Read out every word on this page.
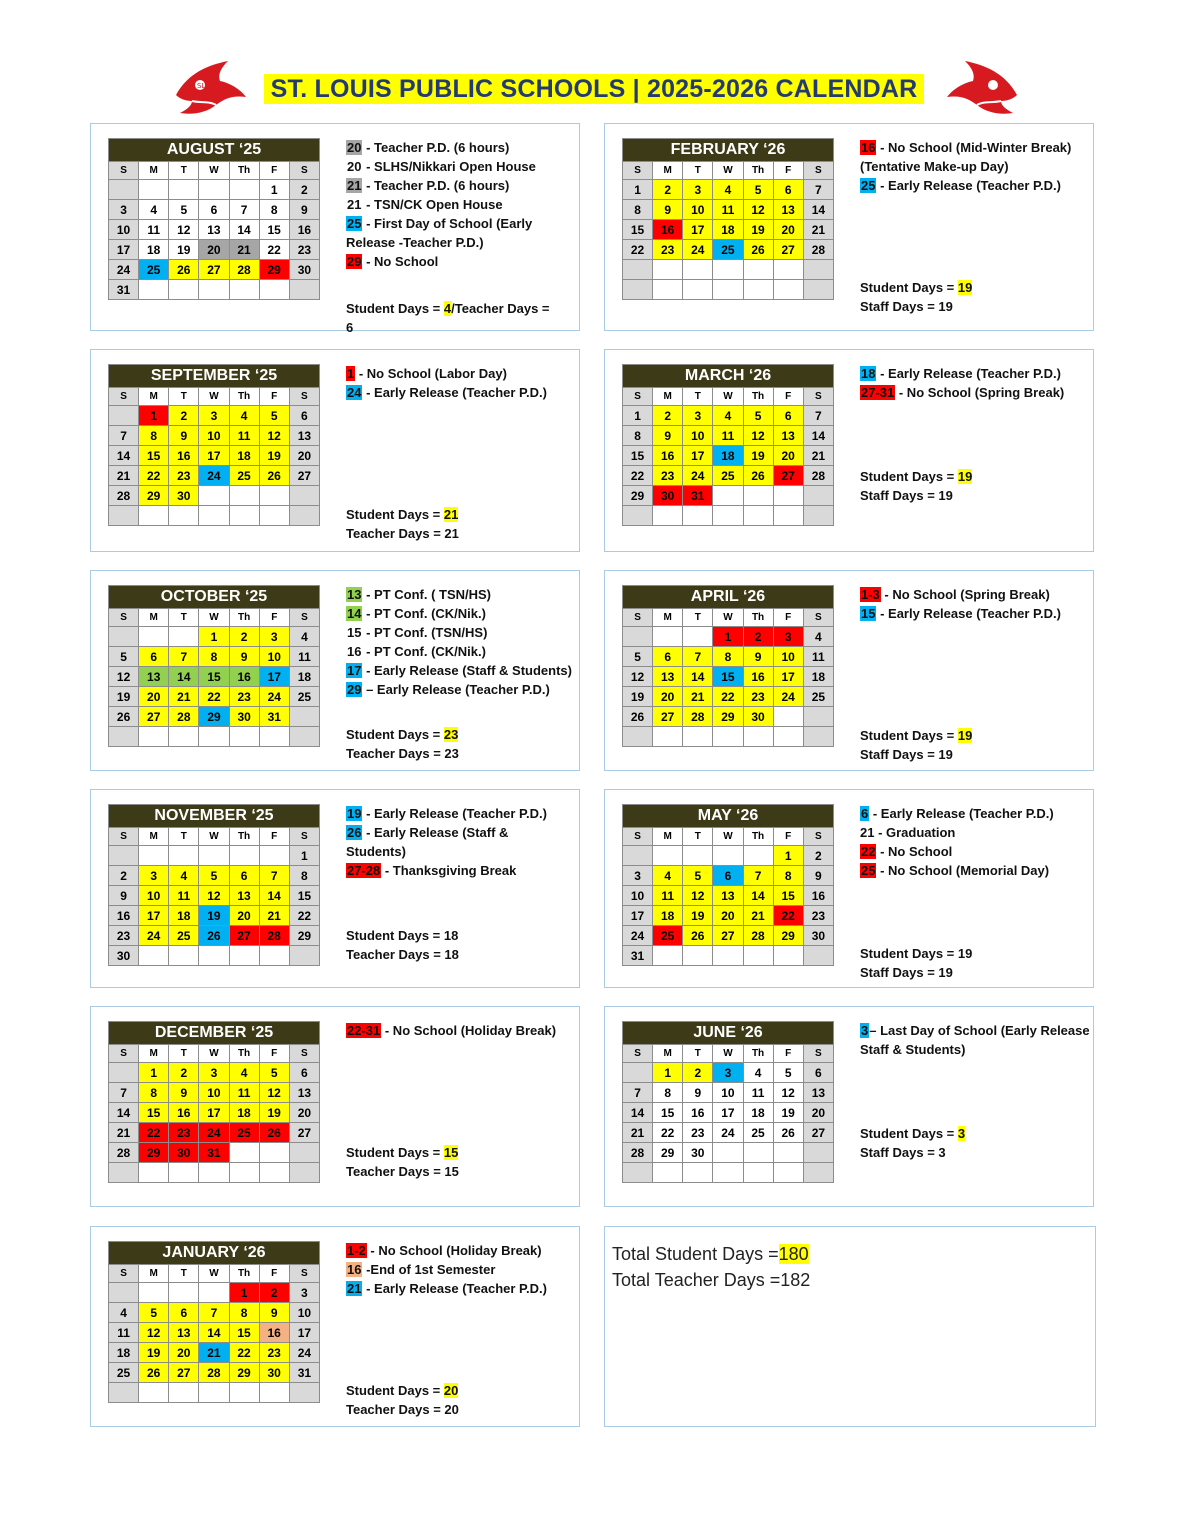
SL	ST. LOUIS PUBLIC SCHOOLS | 2025-2026 CALENDAR
AUGUST ‘25						
S	M	T	W	Th	F	S
					1	2
3	4	5	6	7	8	9
10	11	12	13	14	15	16
17	18	19	20	21	22	23
24	25	26	27	28	29	30
31						
20 - Teacher P.D. (6 hours)
20 - SLHS/Nikkari Open House
21 - Teacher P.D. (6 hours)
21 - TSN/CK Open House
25 - First Day of School (Early
Release -Teacher P.D.)
29 - No School
Student Days = 4/Teacher Days =
6
SEPTEMBER ‘25						
S	M	T	W	Th	F	S
	1	2	3	4	5	6
7	8	9	10	11	12	13
14	15	16	17	18	19	20
21	22	23	24	25	26	27
28	29	30				

1 - No School (Labor Day)
24 - Early Release (Teacher P.D.)
Student Days = 21
Teacher Days = 21
OCTOBER ‘25						
S	M	T	W	Th	F	S
			1	2	3	4
5	6	7	8	9	10	11
12	13	14	15	16	17	18
19	20	21	22	23	24	25
26	27	28	29	30	31	

13 - PT Conf. ( TSN/HS)
14 - PT Conf. (CK/Nik.)
15 - PT Conf. (TSN/HS)
16 - PT Conf. (CK/Nik.)
17 - Early Release (Staff & Students)
29 – Early Release (Teacher P.D.)
Student Days = 23
Teacher Days = 23
NOVEMBER ‘25						
S	M	T	W	Th	F	S
						1
2	3	4	5	6	7	8
9	10	11	12	13	14	15
16	17	18	19	20	21	22
23	24	25	26	27	28	29
30						
19 - Early Release (Teacher P.D.)
26 - Early Release (Staff &
Students)
27-28 - Thanksgiving Break
Student Days = 18
Teacher Days = 18
DECEMBER ‘25						
S	M	T	W	Th	F	S
	1	2	3	4	5	6
7	8	9	10	11	12	13
14	15	16	17	18	19	20
21	22	23	24	25	26	27
28	29	30	31			

22-31 - No School (Holiday Break)
Student Days = 15
Teacher Days = 15
JANUARY ‘26						
S	M	T	W	Th	F	S
				1	2	3
4	5	6	7	8	9	10
11	12	13	14	15	16	17
18	19	20	21	22	23	24
25	26	27	28	29	30	31

1-2 - No School (Holiday Break)
16 -End of 1st Semester
21 - Early Release (Teacher P.D.)
Student Days = 20
Teacher Days = 20
FEBRUARY ‘26						
S	M	T	W	Th	F	S
1	2	3	4	5	6	7
8	9	10	11	12	13	14
15	16	17	18	19	20	21
22	23	24	25	26	27	28

16 - No School (Mid-Winter Break)
(Tentative Make-up Day)
25 - Early Release (Teacher P.D.)
Student Days = 19
Staff Days = 19
MARCH ‘26						
S	M	T	W	Th	F	S
1	2	3	4	5	6	7
8	9	10	11	12	13	14
15	16	17	18	19	20	21
22	23	24	25	26	27	28
29	30	31				

18 - Early Release (Teacher P.D.)
27-31 - No School (Spring Break)
Student Days = 19
Staff Days = 19
APRIL ‘26						
S	M	T	W	Th	F	S
			1	2	3	4
5	6	7	8	9	10	11
12	13	14	15	16	17	18
19	20	21	22	23	24	25
26	27	28	29	30		

1-3 - No School (Spring Break)
15 - Early Release (Teacher P.D.)
Student Days = 19
Staff Days = 19
MAY ‘26						
S	M	T	W	Th	F	S
					1	2
3	4	5	6	7	8	9
10	11	12	13	14	15	16
17	18	19	20	21	22	23
24	25	26	27	28	29	30
31						
6 - Early Release (Teacher P.D.)
21 - Graduation
22 - No School
25 - No School (Memorial Day)
Student Days = 19
Staff Days = 19
JUNE ‘26						
S	M	T	W	Th	F	S
	1	2	3	4	5	6
7	8	9	10	11	12	13
14	15	16	17	18	19	20
21	22	23	24	25	26	27
28	29	30				

3– Last Day of School (Early Release
Staff & Students)
Student Days = 3
Staff Days = 3
Total Student Days =180
Total Teacher Days =182
